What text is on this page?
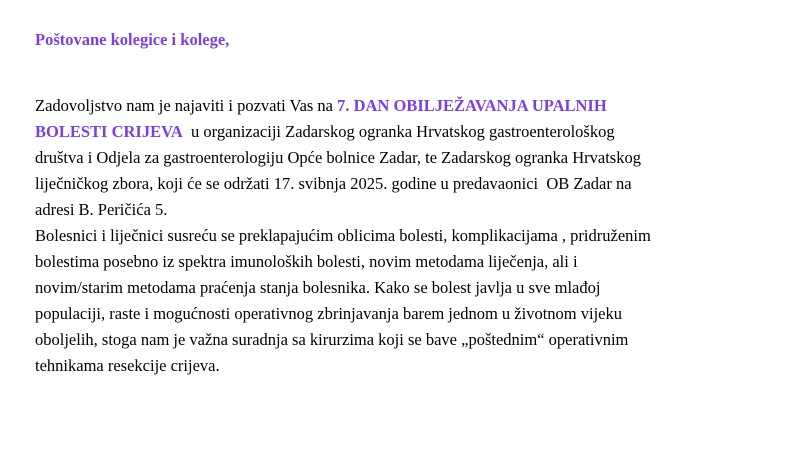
Poštovane kolegice i kolege,
Zadovoljstvo nam je najaviti i pozvati Vas na 7. DAN OBILJEŽAVANJA UPALNIH
BOLESTI CRIJEVA  u organizaciji Zadarskog ogranka Hrvatskog gastroenterološkog
društva i Odjela za gastroenterologiju Opće bolnice Zadar, te Zadarskog ogranka Hrvatskog
liječničkog zbora, koji će se održati 17. svibnja 2025. godine u predavaonici  OB Zadar na
adresi B. Peričića 5.
Bolesnici i liječnici susreću se preklapajućim oblicima bolesti, komplikacijama , pridruženim
bolestima posebno iz spektra imunoloških bolesti, novim metodama liječenja, ali i
novim/starim metodama praćenja stanja bolesnika. Kako se bolest javlja u sve mlađoj
populaciji, raste i mogućnosti operativnog zbrinjavanja barem jednom u životnom vijeku
oboljelih, stoga nam je važna suradnja sa kirurzima koji se bave „poštednim“ operativnim
tehnikama resekcije crijeva.
